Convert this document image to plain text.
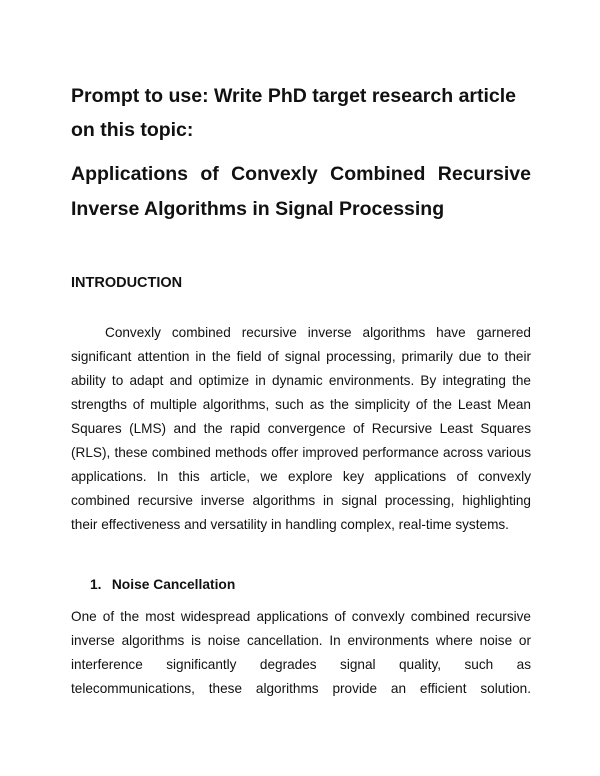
Prompt to use: Write PhD target research article on this topic:
Applications of Convexly Combined Recursive Inverse Algorithms in Signal Processing
INTRODUCTION

Convexly combined recursive inverse algorithms have garnered significant attention in the field of signal processing, primarily due to their ability to adapt and optimize in dynamic environments. By integrating the strengths of multiple algorithms, such as the simplicity of the Least Mean Squares (LMS) and the rapid convergence of Recursive Least Squares (RLS), these combined methods offer improved performance across various applications. In this article, we explore key applications of convexly combined recursive inverse algorithms in signal processing, highlighting their effectiveness and versatility in handling complex, real-time systems.

1. Noise Cancellation

One of the most widespread applications of convexly combined recursive inverse algorithms is noise cancellation. In environments where noise or interference significantly degrades signal quality, such as telecommunications, these algorithms provide an efficient solution.
